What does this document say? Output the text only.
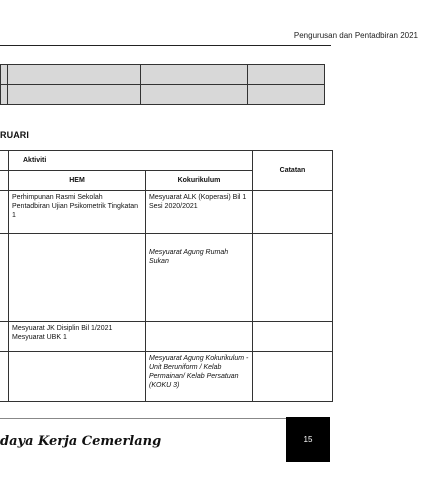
Pengurusan dan Pentadbiran 2021

RUARI
	Aktiviti		Catatan
	HEM	Kokurikulum	
	Perhimpunan Rasmi Sekolah Pentadbiran Ujian Psikometrik Tingkatan 1	Mesyuarat ALK (Koperasi) Bil 1 Sesi 2020/2021	
		Mesyuarat Agung Rumah Sukan	
	Mesyuarat JK Disiplin Bil 1/2021 Mesyuarat UBK 1		
		Mesyuarat Agung Kokurikulum - Unit Beruniform / Kelab Permainan/ Kelab Persatuan (KOKU 3)	
daya Kerja Cemerlang	15
